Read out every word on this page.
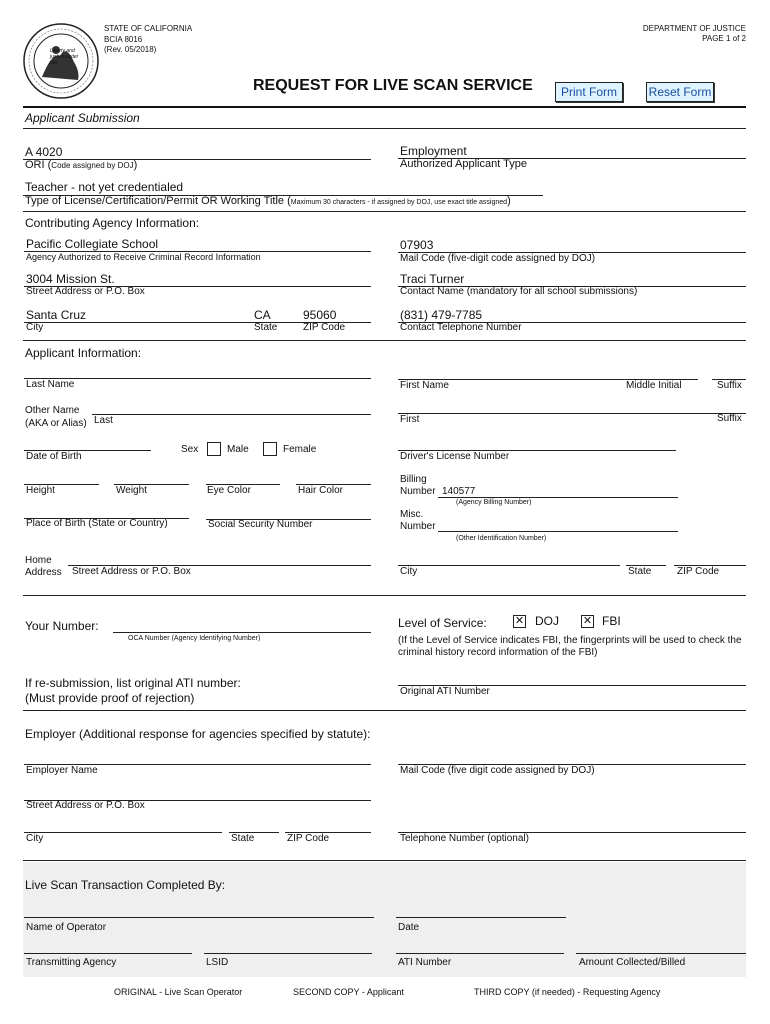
Liberty and justice under law
STATE OF CALIFORNIA
BCIA 8016
(Rev. 05/2018)
DEPARTMENT OF JUSTICE
PAGE 1 of 2
REQUEST FOR LIVE SCAN SERVICE	Print Form	Reset Form
Applicant Submission
A 4020
ORI (Code assigned by DOJ)
Employment
Authorized Applicant Type
Teacher - not yet credentialed
Type of License/Certification/Permit OR Working Title (Maximum 30 characters - if assigned by DOJ, use exact title assigned)
Contributing Agency Information:
Pacific Collegiate School
Agency Authorized to Receive Criminal Record Information
07903
Mail Code (five-digit code assigned by DOJ)
3004 Mission St.
Street Address or P.O. Box
Traci Turner
Contact Name (mandatory for all school submissions)
Santa Cruz	CA	95060
City	State	ZIP Code
(831) 479-7785
Contact Telephone Number
Applicant Information:
Last Name	First Name	Middle Initial	Suffix
Other Name
(AKA or Alias) Last	First	Suffix
Date of Birth
Sex	Male	Female
Driver's License Number
Height	Weight	Eye Color	Hair Color
Billing
Number 140577
(Agency Billing Number)
Place of Birth (State or Country)	Social Security Number
Misc.
Number
(Other Identification Number)
Home
Address Street Address or P.O. Box	City	State	ZIP Code
Your Number:
OCA Number (Agency Identifying Number)
Level of Service:	✕ DOJ ✕ FBI
(If the Level of Service indicates FBI, the fingerprints will be used to check the
criminal history record information of the FBI)
If re-submission, list original ATI number:
(Must provide proof of rejection)	Original ATI Number
Employer (Additional response for agencies specified by statute):
Employer Name	Mail Code (five digit code assigned by DOJ)
Street Address or P.O. Box
City	State	ZIP Code	Telephone Number (optional)
Live Scan Transaction Completed By:
Name of Operator	Date
Transmitting Agency	LSID	ATI Number	Amount Collected/Billed
ORIGINAL - Live Scan Operator	SECOND COPY - Applicant	THIRD COPY (if needed) - Requesting Agency
